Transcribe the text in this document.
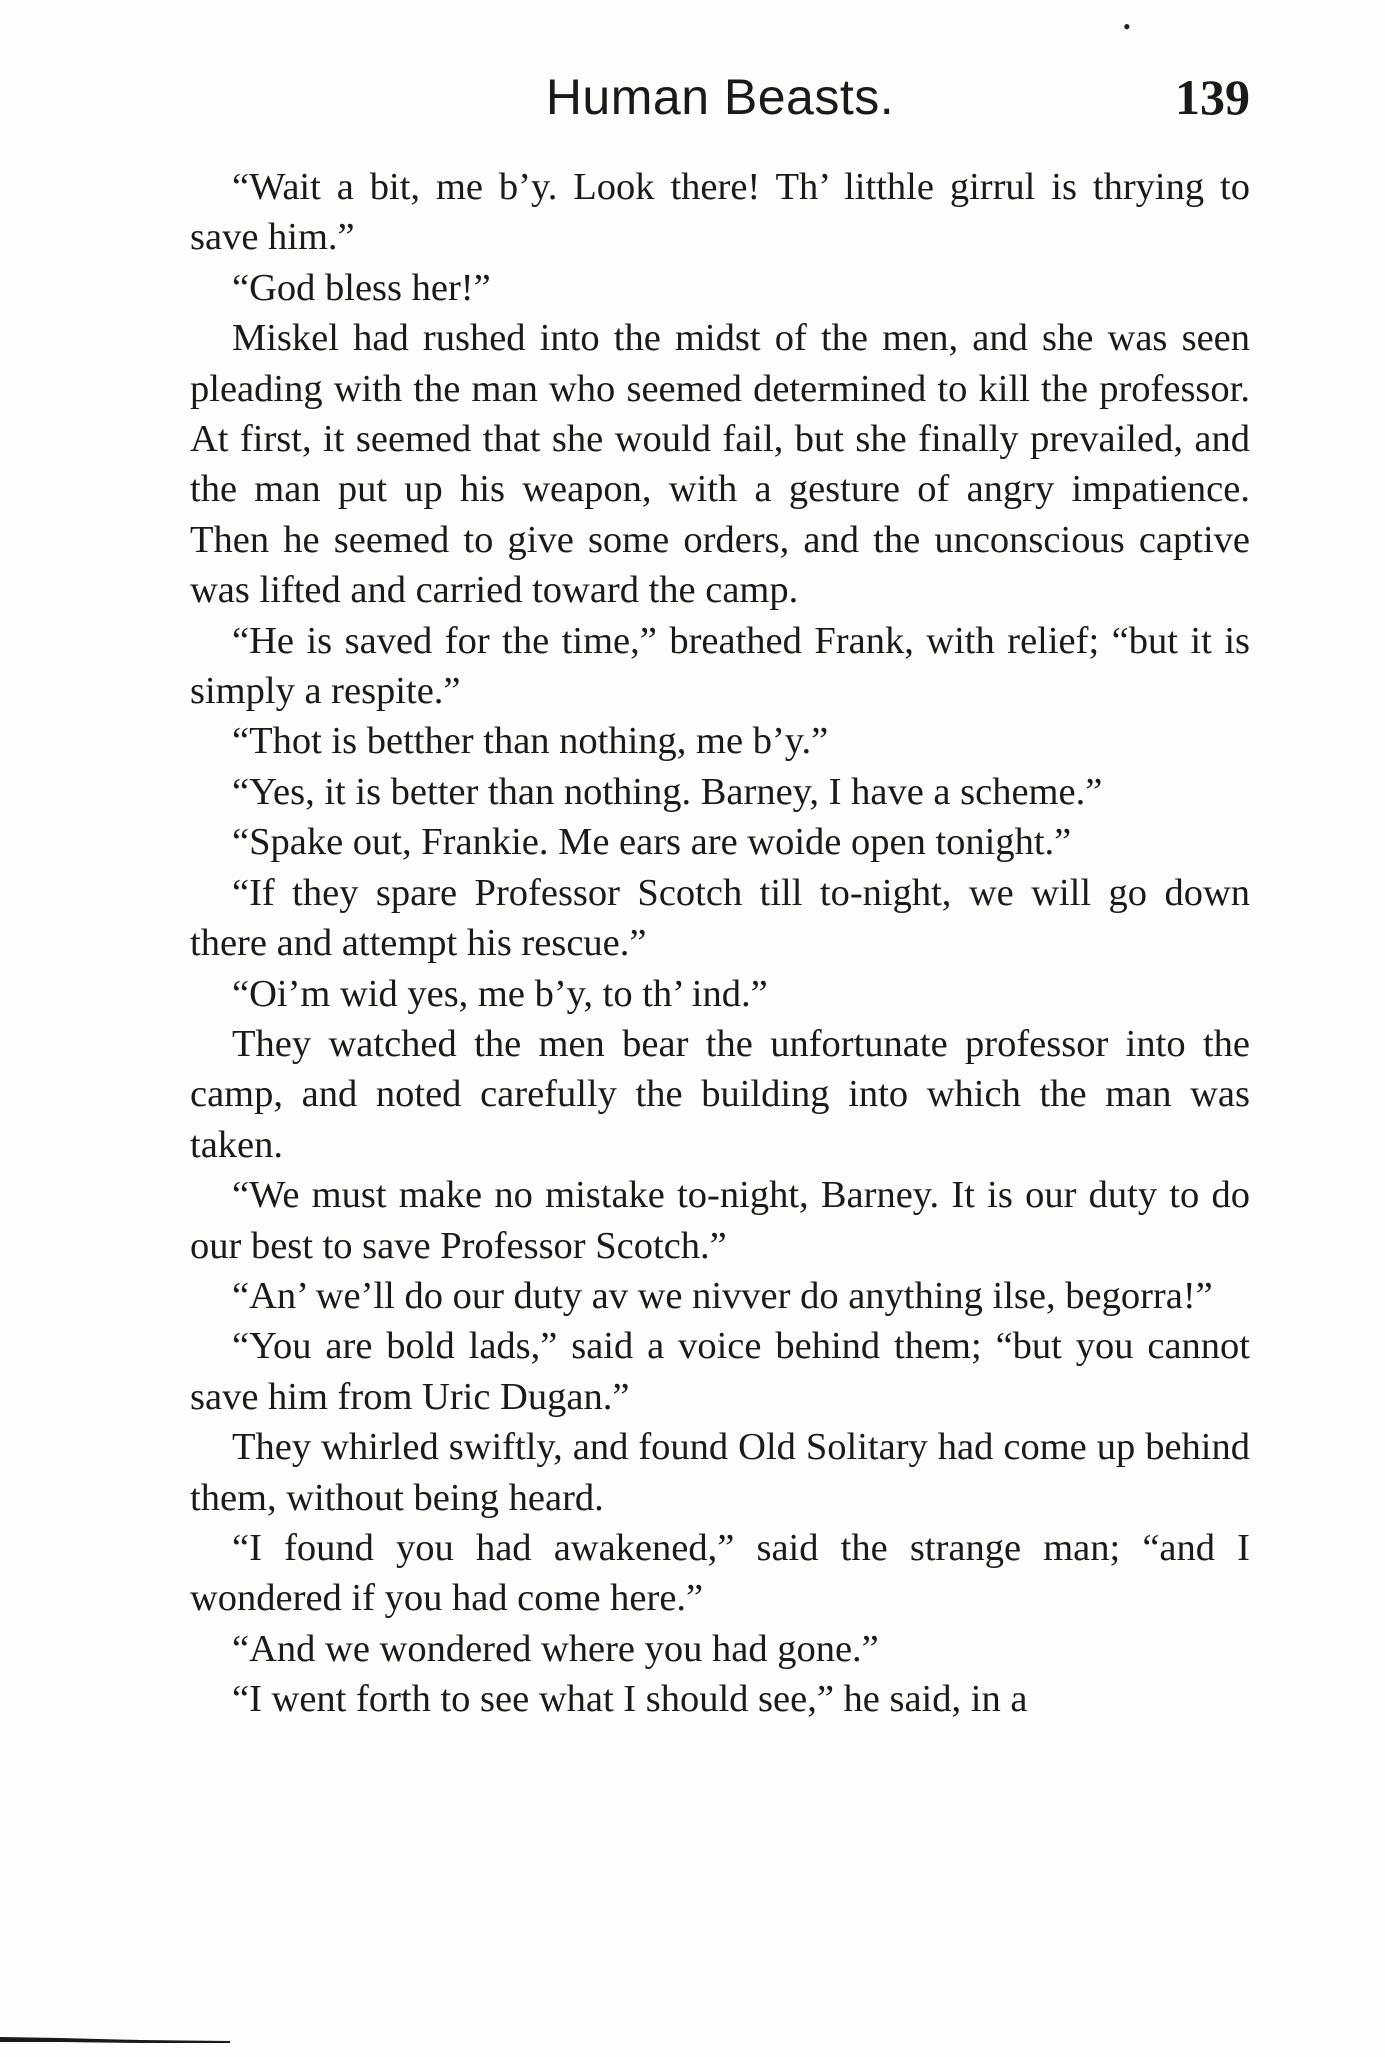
•
Human Beasts.	139

“Wait a bit, me b’y. Look there! Th’ litthle girrul is thrying to save him.”

“God bless her!”

Miskel had rushed into the midst of the men, and she was seen pleading with the man who seemed determined to kill the professor. At first, it seemed that she would fail, but she finally prevailed, and the man put up his weapon, with a gesture of angry impatience. Then he seemed to give some orders, and the unconscious captive was lifted and carried toward the camp.

“He is saved for the time,” breathed Frank, with relief; “but it is simply a respite.”

“Thot is betther than nothing, me b’y.”

“Yes, it is better than nothing. Barney, I have a scheme.”

“Spake out, Frankie. Me ears are woide open tonight.”

“If they spare Professor Scotch till to-night, we will go down there and attempt his rescue.”

“Oi’m wid yes, me b’y, to th’ ind.”

They watched the men bear the unfortunate professor into the camp, and noted carefully the building into which the man was taken.

“We must make no mistake to-night, Barney. It is our duty to do our best to save Professor Scotch.”

“An’ we’ll do our duty av we nivver do anything ilse, begorra!”

“You are bold lads,” said a voice behind them; “but you cannot save him from Uric Dugan.”

They whirled swiftly, and found Old Solitary had come up behind them, without being heard.

“I found you had awakened,” said the strange man; “and I wondered if you had come here.”

“And we wondered where you had gone.”

“I went forth to see what I should see,” he said, in a
